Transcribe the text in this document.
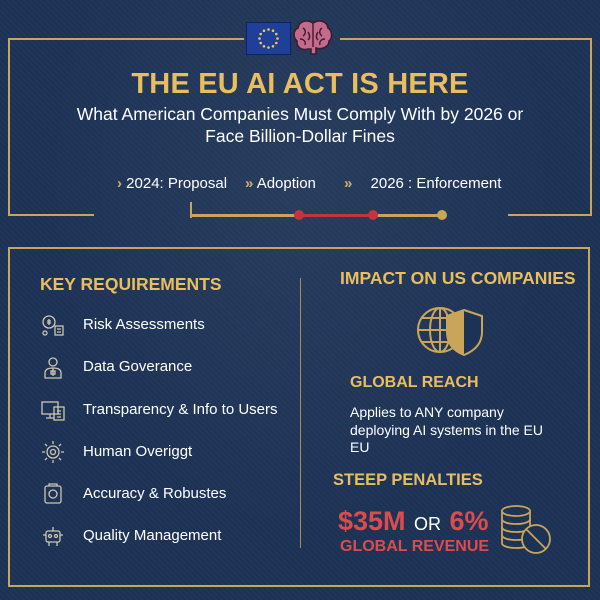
THE EU AI ACT IS HERE
What American Companies Must Comply With by 2026 or Face Billion-Dollar Fines
› 2024: Proposal » Adoption » 2026 : Enforcement
KEY REQUIREMENTS
Risk Assessments
Data Goverance
Transparency & Info to Users
Human Overiggt
Accuracy & Robustes
Quality Management
IMPACT ON US COMPANIES
GLOBAL REACH
Applies to ANY company deploying AI systems in the EU EU
STEEP PENALTIES
$35M OR 6%
GLOBAL REVENUE
